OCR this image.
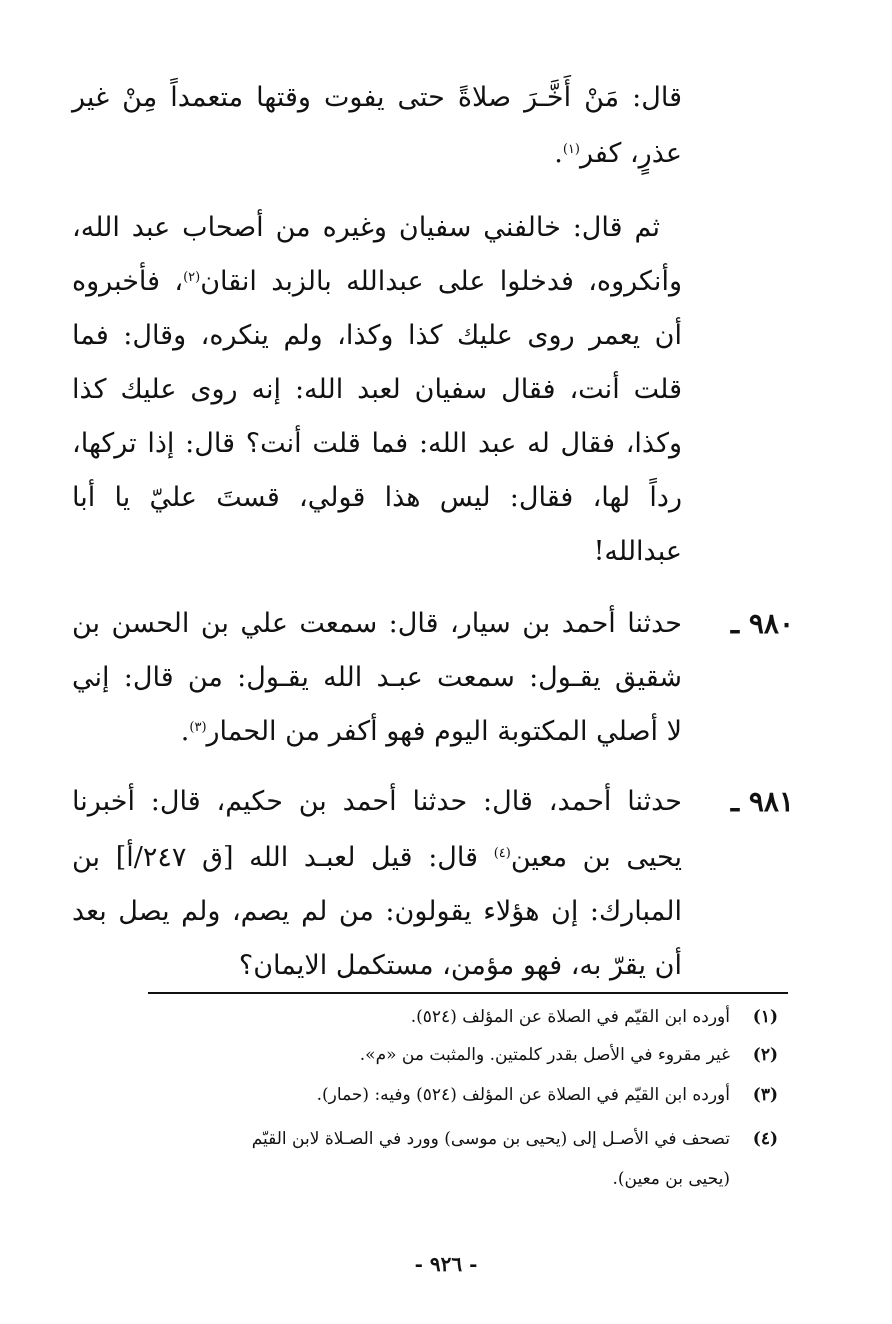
قال: مَنْ أَخَّـرَ صلاةً حتى يفوت وقتها متعمداً مِنْ غير
عذرٍ، كفر$^{(١)}$.
ثم قال: خالفني سفيان وغيره من أصحاب عبد الله،
وأنكروه، فدخلوا على عبدالله بالزبد انقان$^{(٢)}$، فأخبروه
أن يعمر روى عليك كذا وكذا، ولم ينكره، وقال: فما
قلت أنت، فقال سفيان لعبد الله: إنه روى عليك كذا
وكذا، فقال له عبد الله: فما قلت أنت؟ قال: إذا تركها،
رداً لها، فقال: ليس هذا قولي، قستَ عليّ يا أبا
عبدالله!
٩٨٠ ـ
حدثنا أحمد بن سيار، قال: سمعت علي بن الحسن بن
شقيق يقـول: سمعت عبـد الله يقـول: من قال: إني
لا أصلي المكتوبة اليوم فهو أكفر من الحمار$^{(٣)}$.
٩٨١ ـ
حدثنا أحمد، قال: حدثنا أحمد بن حكيم، قال: أخبرنا
يحيى بن معين$^{(٤)}$ قال: قيل لعبـد الله [ق ٢٤٧/أ] بن
المبارك: إن هؤلاء يقولون: من لم يصم، ولم يصل بعد
أن يقرّ به، فهو مؤمن، مستكمل الايمان؟
(١)أورده ابن القيّم في الصلاة عن المؤلف (٥٢٤).
(٢)غير مقروء في الأصل بقدر كلمتين. والمثبت من «م».
(٣)أورده ابن القيّم في الصلاة عن المؤلف (٥٢٤) وفيه: (حمار).
(٤)تصحف في الأصـل إلى (يحيى بن موسى) وورد في الصـلاة لابن القيّم
(يحيى بن معين).
- ٩٢٦ -
